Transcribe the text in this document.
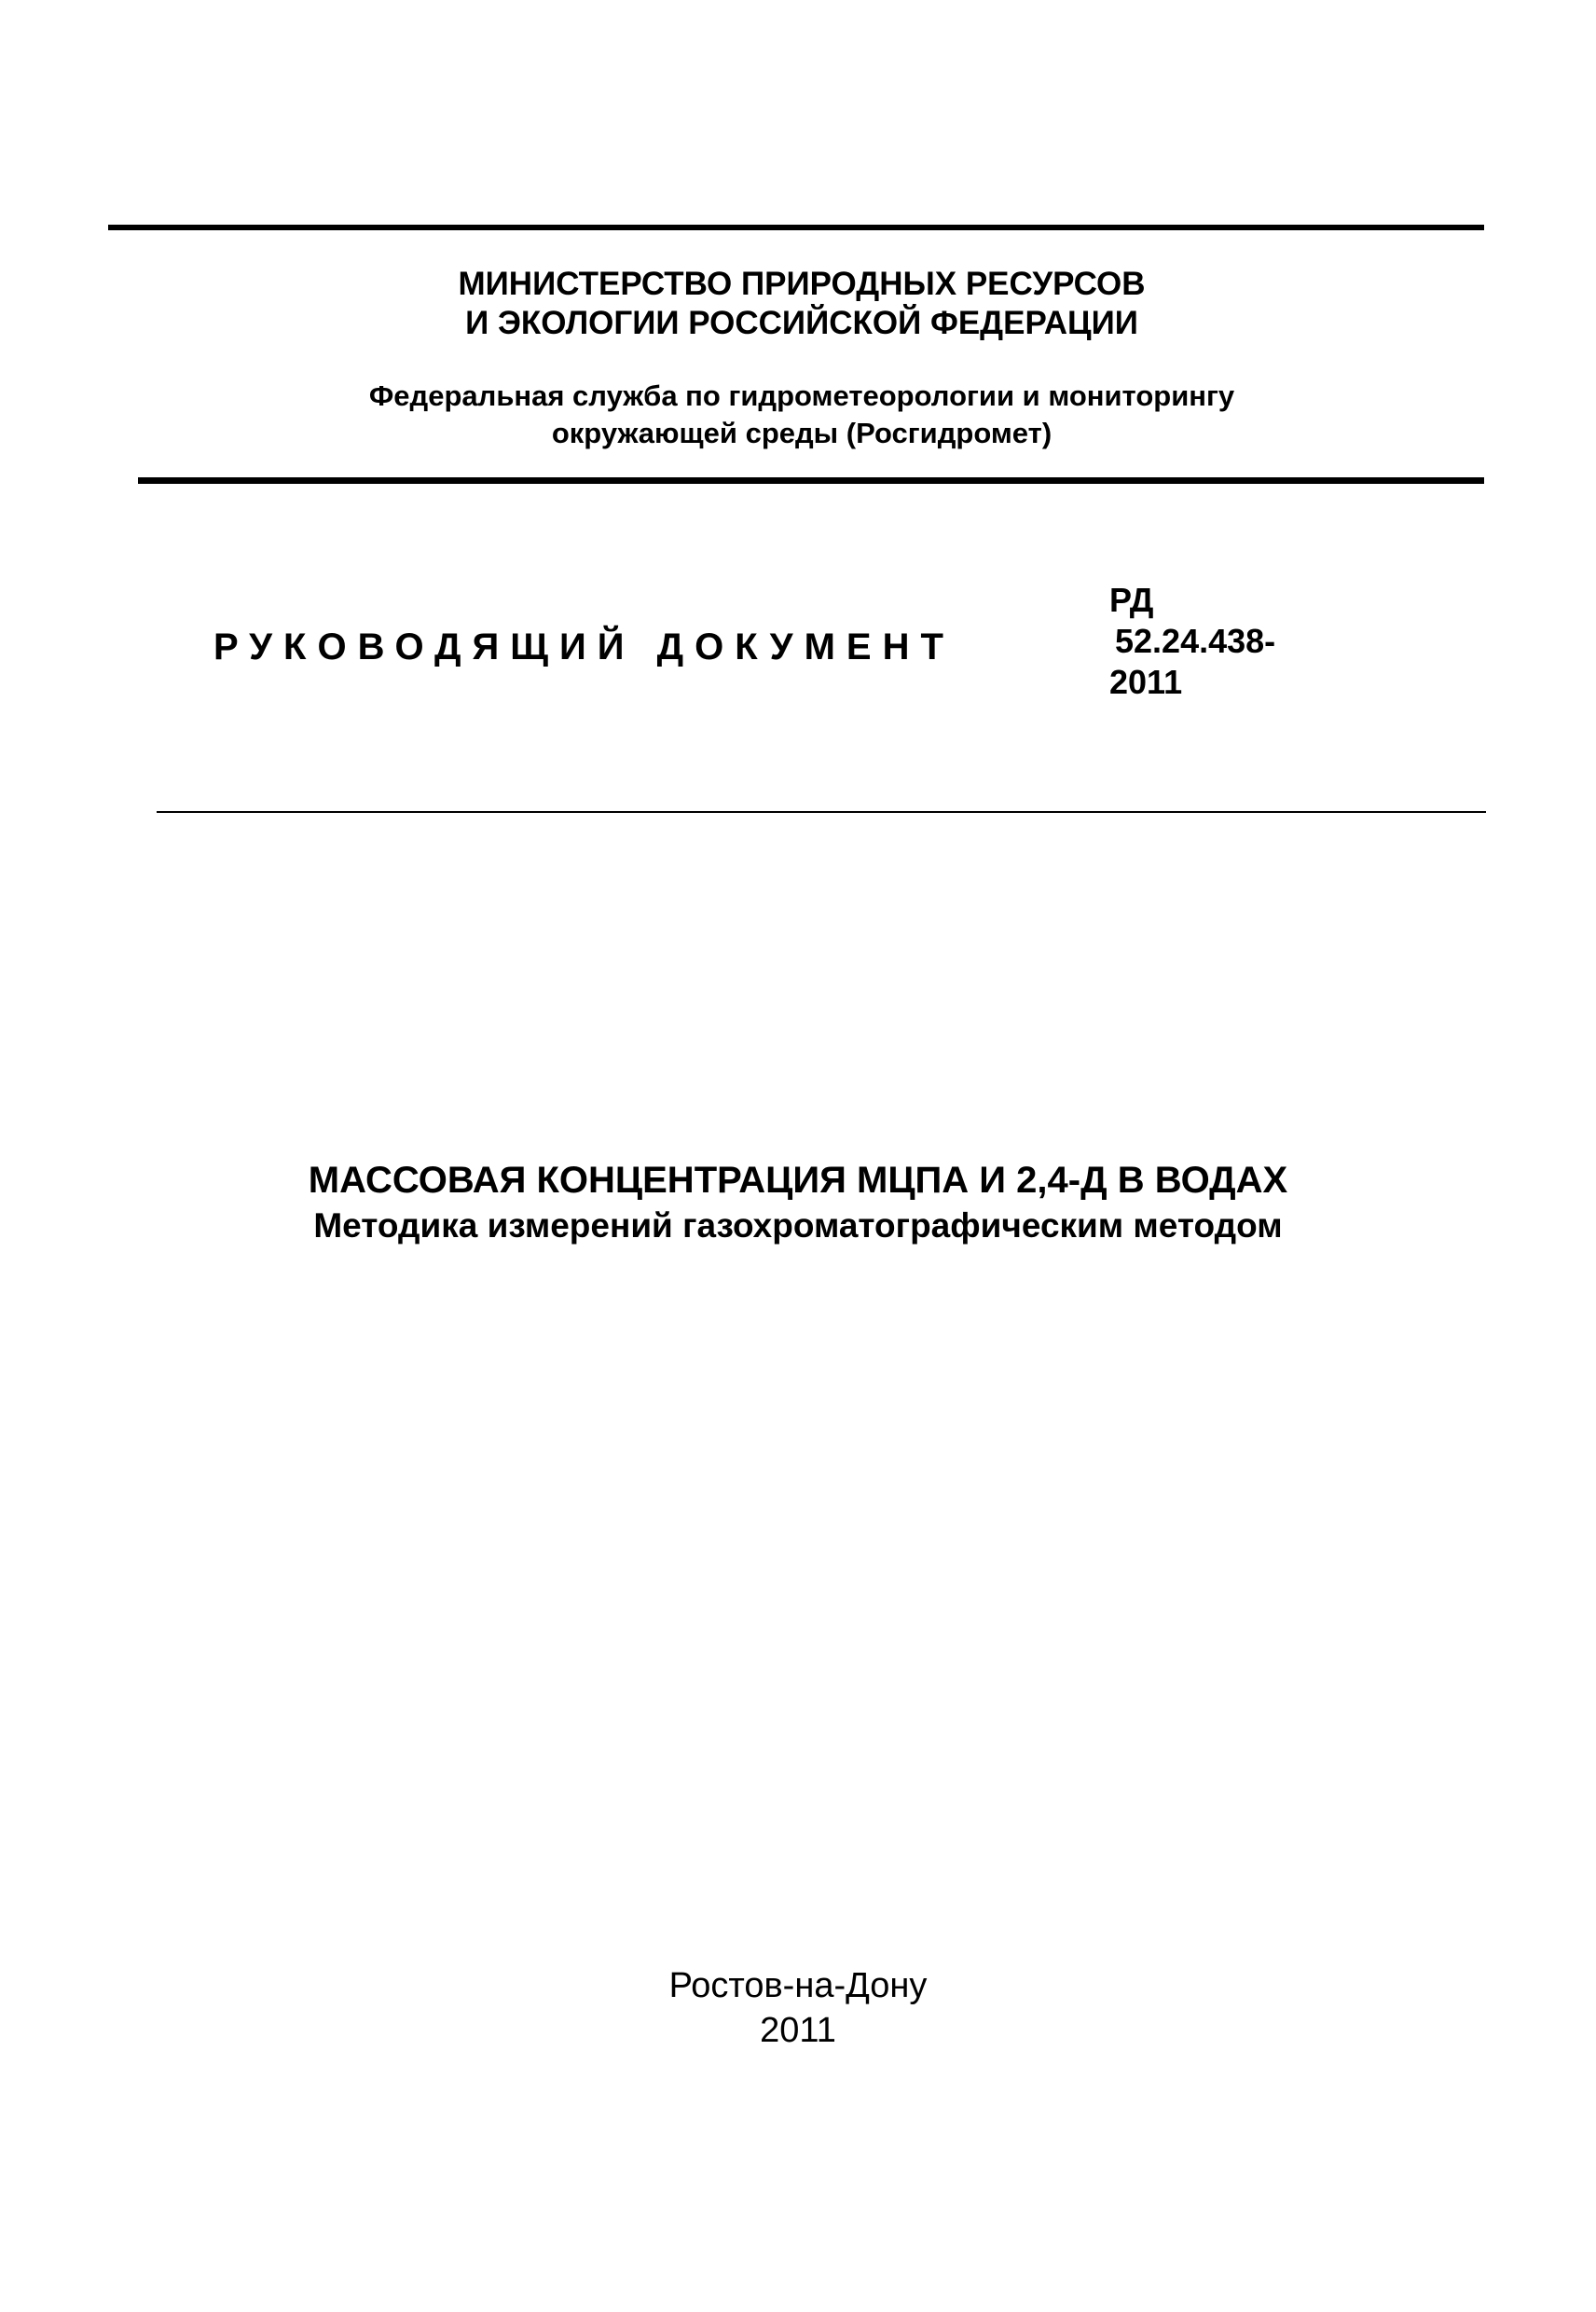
МИНИСТЕРСТВО ПРИРОДНЫХ РЕСУРСОВ
И ЭКОЛОГИИ РОССИЙСКОЙ ФЕДЕРАЦИИ
Федеральная служба по гидрометеорологии и мониторингу
окружающей среды (Росгидромет)
РУКОВОДЯЩИЙ ДОКУМЕНТ
РД
52.24.438-
2011
МАССОВАЯ КОНЦЕНТРАЦИЯ МЦПА И 2,4-Д В ВОДАХ
Методика измерений газохроматографическим методом
Ростов-на-Дону
2011
